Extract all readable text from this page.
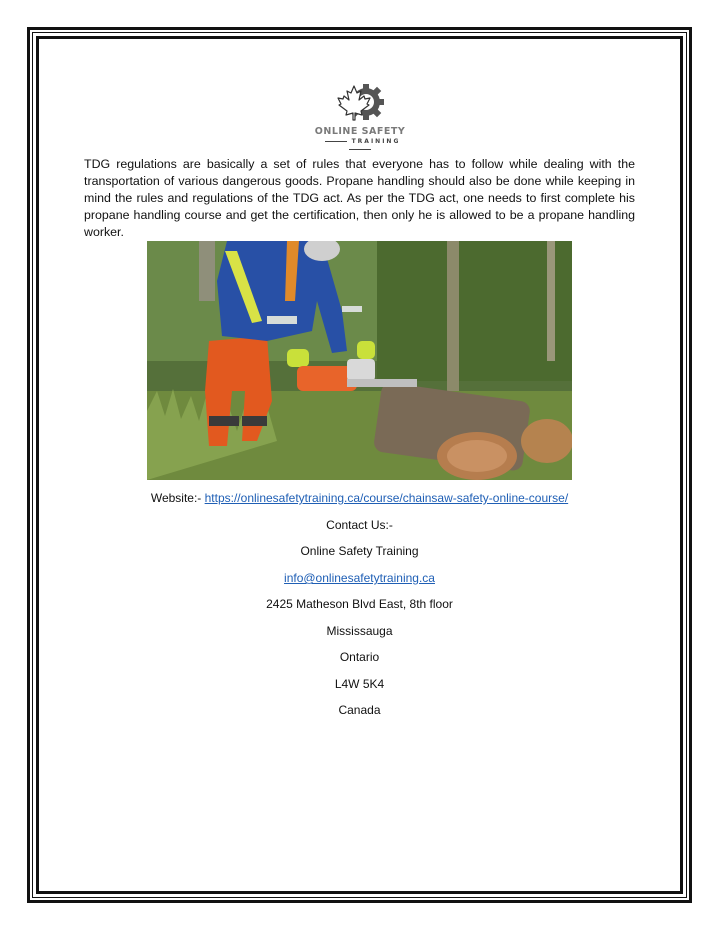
ONLINE SAFETY
TRAINING

TDG regulations are basically a set of rules that everyone has to follow while dealing with the transportation of various dangerous goods. Propane handling should also be done while keeping in mind the rules and regulations of the TDG act. As per the TDG act, one needs to first complete his propane handling course and get the certification, then only he is allowed to be a propane handling worker.

Website:- https://onlinesafetytraining.ca/course/chainsaw-safety-online-course/
Contact Us:-
Online Safety Training
info@onlinesafetytraining.ca
2425 Matheson Blvd East, 8th floor
Mississauga
Ontario
L4W 5K4
Canada
